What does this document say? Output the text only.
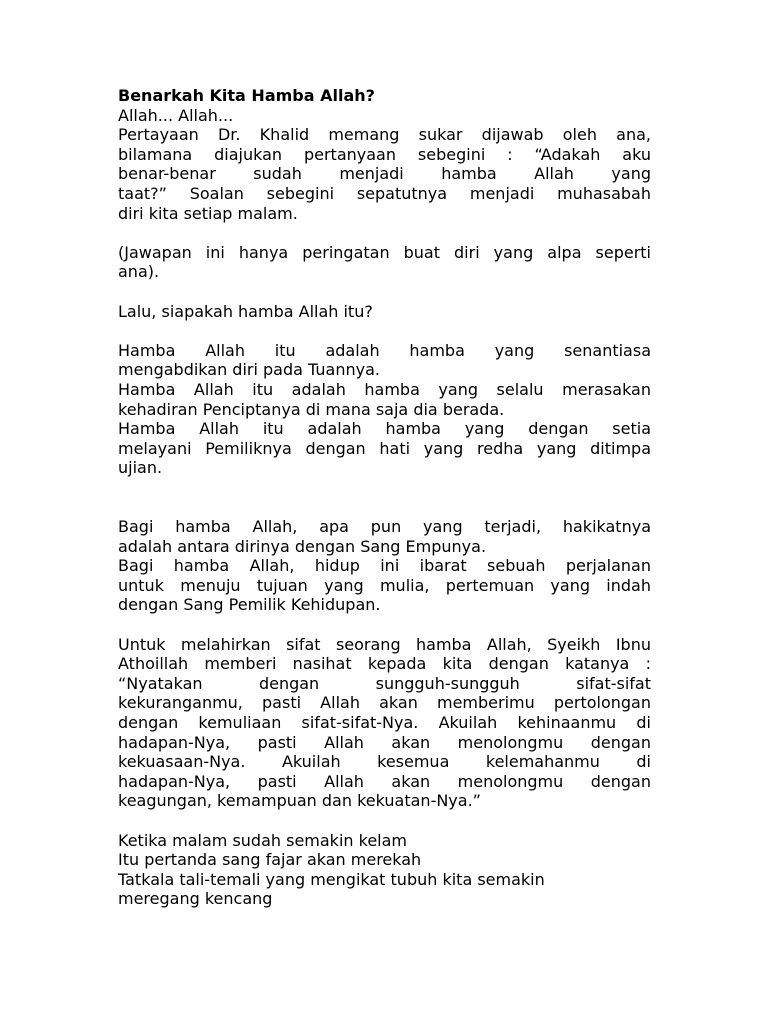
Benarkah Kita Hamba Allah?

Allah... Allah...

Pertayaan Dr. Khalid memang sukar dijawab oleh ana,

bilamana diajukan pertanyaan sebegini : “Adakah aku

benar-benar sudah menjadi hamba Allah yang

taat?” Soalan sebegini sepatutnya menjadi muhasabah

diri kita setiap malam.

(Jawapan ini hanya peringatan buat diri yang alpa seperti

ana).

Lalu, siapakah hamba Allah itu?

Hamba Allah itu adalah hamba yang senantiasa

mengabdikan diri pada Tuannya.

Hamba Allah itu adalah hamba yang selalu merasakan

kehadiran Penciptanya di mana saja dia berada.

Hamba Allah itu adalah hamba yang dengan setia

melayani Pemiliknya dengan hati yang redha yang ditimpa

ujian.

Bagi hamba Allah, apa pun yang terjadi, hakikatnya

adalah antara dirinya dengan Sang Empunya.

Bagi hamba Allah, hidup ini ibarat sebuah perjalanan

untuk menuju tujuan yang mulia, pertemuan yang indah

dengan Sang Pemilik Kehidupan.

Untuk melahirkan sifat seorang hamba Allah, Syeikh Ibnu

Athoillah memberi nasihat kepada kita dengan katanya :

“Nyatakan dengan sungguh-sungguh sifat-sifat

kekuranganmu, pasti Allah akan memberimu pertolongan

dengan kemuliaan sifat-sifat-Nya. Akuilah kehinaanmu di

hadapan-Nya, pasti Allah akan menolongmu dengan

kekuasaan-Nya. Akuilah kesemua kelemahanmu di

hadapan-Nya, pasti Allah akan menolongmu dengan

keagungan, kemampuan dan kekuatan-Nya.”

Ketika malam sudah semakin kelam

Itu pertanda sang fajar akan merekah

Tatkala tali-temali yang mengikat tubuh kita semakin

meregang kencang
